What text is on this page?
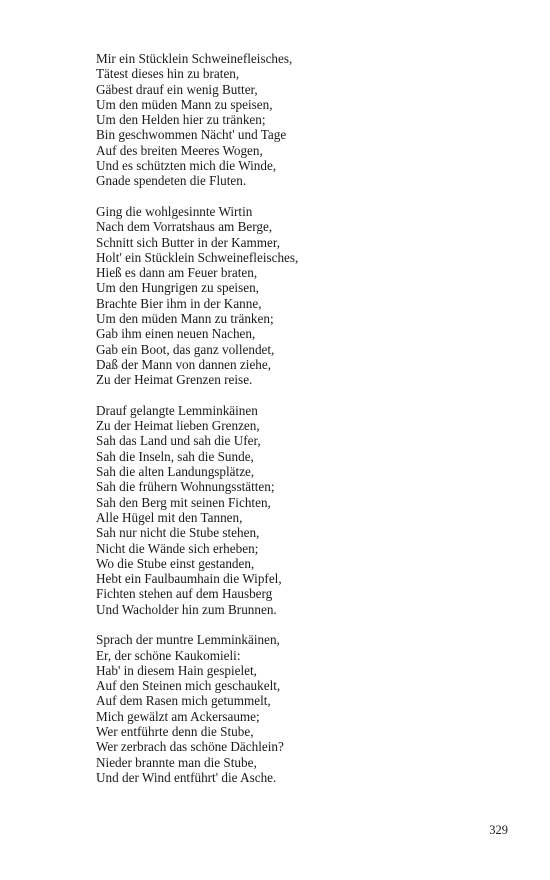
Mir ein Stücklein Schweinefleisches,
Tätest dieses hin zu braten,
Gäbest drauf ein wenig Butter,
Um den müden Mann zu speisen,
Um den Helden hier zu tränken;
Bin geschwommen Nächt' und Tage
Auf des breiten Meeres Wogen,
Und es schützten mich die Winde,
Gnade spendeten die Fluten.
Ging die wohlgesinnte Wirtin
Nach dem Vorratshaus am Berge,
Schnitt sich Butter in der Kammer,
Holt' ein Stücklein Schweinefleisches,
Hieß es dann am Feuer braten,
Um den Hungrigen zu speisen,
Brachte Bier ihm in der Kanne,
Um den müden Mann zu tränken;
Gab ihm einen neuen Nachen,
Gab ein Boot, das ganz vollendet,
Daß der Mann von dannen ziehe,
Zu der Heimat Grenzen reise.
Drauf gelangte Lemminkäinen
Zu der Heimat lieben Grenzen,
Sah das Land und sah die Ufer,
Sah die Inseln, sah die Sunde,
Sah die alten Landungsplätze,
Sah die frühern Wohnungsstätten;
Sah den Berg mit seinen Fichten,
Alle Hügel mit den Tannen,
Sah nur nicht die Stube stehen,
Nicht die Wände sich erheben;
Wo die Stube einst gestanden,
Hebt ein Faulbaumhain die Wipfel,
Fichten stehen auf dem Hausberg
Und Wacholder hin zum Brunnen.
Sprach der muntre Lemminkäinen,
Er, der schöne Kaukomieli:
Hab' in diesem Hain gespielet,
Auf den Steinen mich geschaukelt,
Auf dem Rasen mich getummelt,
Mich gewälzt am Ackersaume;
Wer entführte denn die Stube,
Wer zerbrach das schöne Dächlein?
Nieder brannte man die Stube,
Und der Wind entführt' die Asche.
329
